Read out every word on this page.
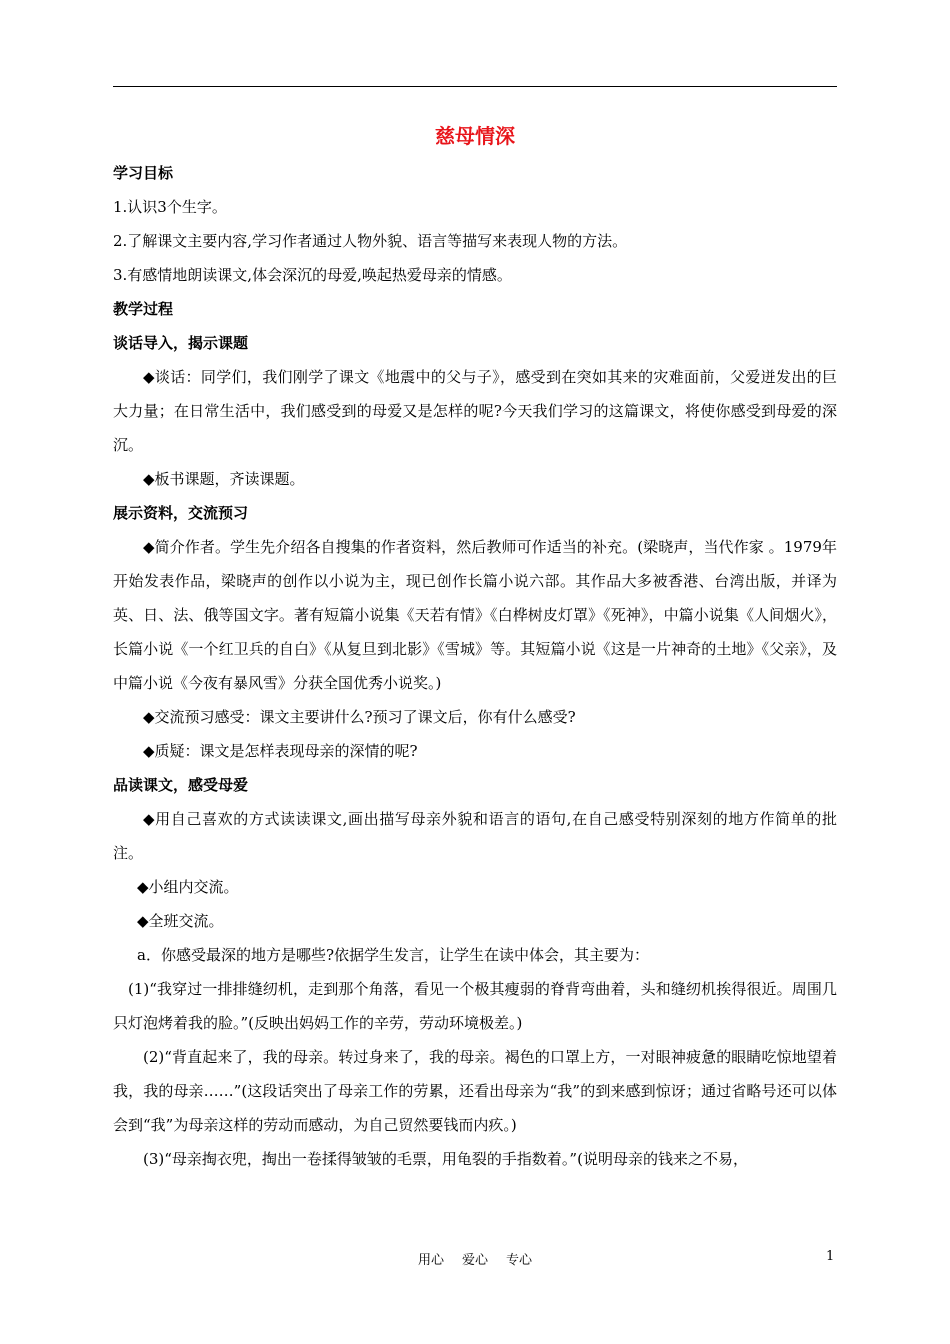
慈母情深

学习目标

1.认识3个生字。

2.了解课文主要内容,学习作者通过人物外貌、语言等描写来表现人物的方法。

3.有感情地朗读课文,体会深沉的母爱,唤起热爱母亲的情感。

教学过程

谈话导入，揭示课题

◆谈话：同学们，我们刚学了课文《地震中的父与子》，感受到在突如其来的灾难面前，父爱迸发出的巨大力量；在日常生活中，我们感受到的母爱又是怎样的呢?今天我们学习的这篇课文，将使你感受到母爱的深沉。

◆板书课题，齐读课题。

展示资料，交流预习

◆简介作者。学生先介绍各自搜集的作者资料，然后教师可作适当的补充。(梁晓声，当代作家 。1979年开始发表作品，梁晓声的创作以小说为主，现已创作长篇小说六部。其作品大多被香港、台湾出版，并译为英、日、法、俄等国文字。著有短篇小说集《天若有情》《白桦树皮灯罩》《死神》，中篇小说集《人间烟火》，长篇小说《一个红卫兵的自白》《从复旦到北影》《雪城》等。其短篇小说《这是一片神奇的土地》《父亲》，及中篇小说《今夜有暴风雪》分获全国优秀小说奖。)

◆交流预习感受：课文主要讲什么?预习了课文后，你有什么感受?

◆质疑：课文是怎样表现母亲的深情的呢?

品读课文，感受母爱

◆用自己喜欢的方式读读课文,画出描写母亲外貌和语言的语句,在自己感受特别深刻的地方作简单的批注。

◆小组内交流。

◆全班交流。

a．你感受最深的地方是哪些?依据学生发言，让学生在读中体会，其主要为：

(1)“我穿过一排排缝纫机，走到那个角落，看见一个极其瘦弱的脊背弯曲着，头和缝纫机挨得很近。周围几只灯泡烤着我的脸。”(反映出妈妈工作的辛劳，劳动环境极差。)

(2)“背直起来了，我的母亲。转过身来了，我的母亲。褐色的口罩上方，一对眼神疲惫的眼睛吃惊地望着我，我的母亲……”(这段话突出了母亲工作的劳累，还看出母亲为“我”的到来感到惊讶；通过省略号还可以体会到“我”为母亲这样的劳动而感动，为自己贸然要钱而内疚。)

(3)“母亲掏衣兜，掏出一卷揉得皱皱的毛票，用龟裂的手指数着。”(说明母亲的钱来之不易，

用心 爱心 专心	1
